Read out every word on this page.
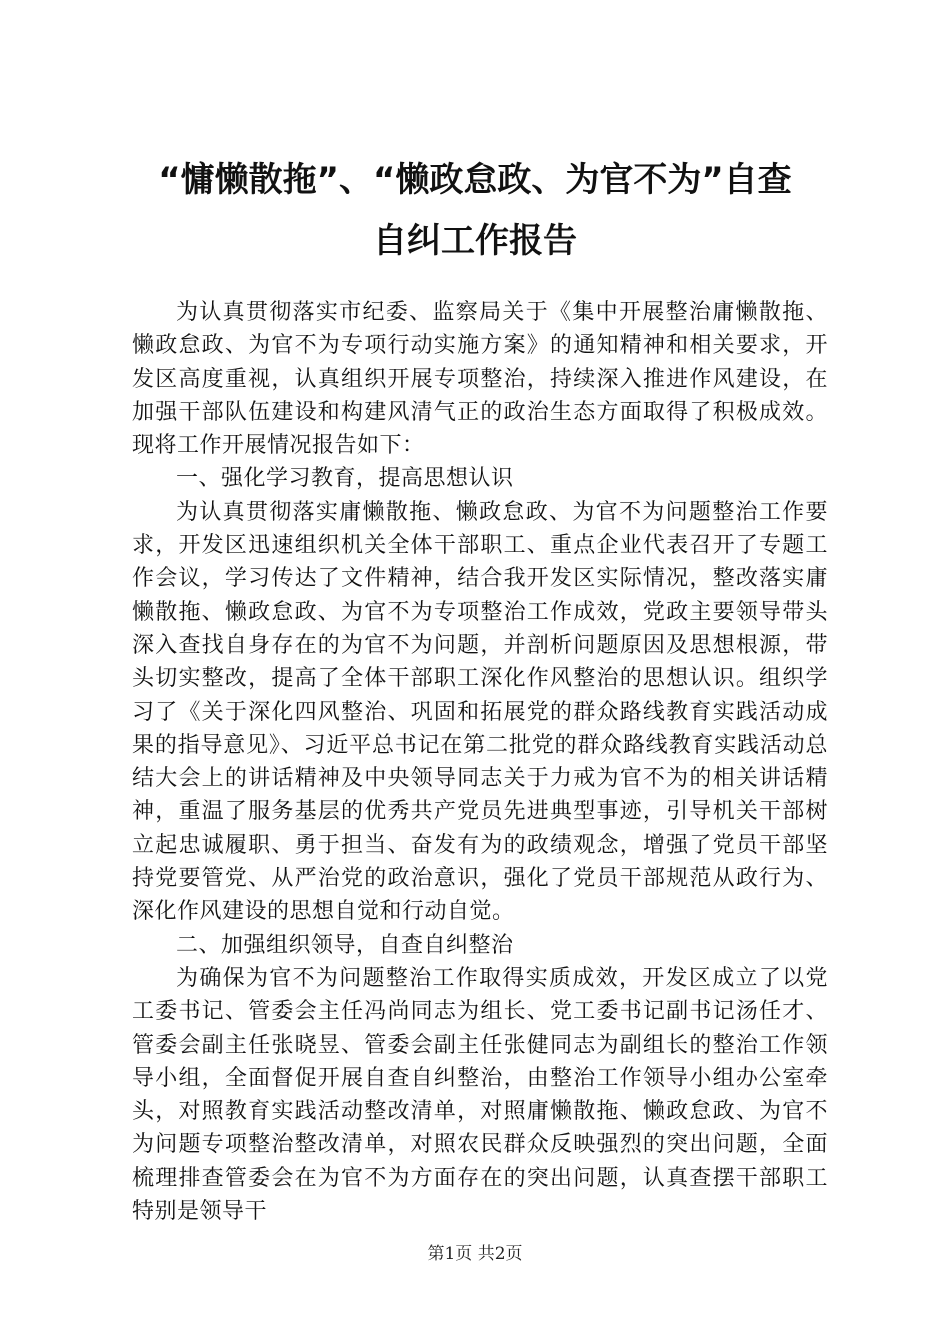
“慵懒散拖”、“懒政怠政、为官不为”自查
自纠工作报告

为认真贯彻落实市纪委、监察局关于《集中开展整治庸懒散拖、懒政怠政、为官不为专项行动实施方案》的通知精神和相关要求，开发区高度重视，认真组织开展专项整治，持续深入推进作风建设，在加强干部队伍建设和构建风清气正的政治生态方面取得了积极成效。现将工作开展情况报告如下：

一、强化学习教育，提高思想认识

为认真贯彻落实庸懒散拖、懒政怠政、为官不为问题整治工作要求，开发区迅速组织机关全体干部职工、重点企业代表召开了专题工作会议，学习传达了文件精神，结合我开发区实际情况，整改落实庸懒散拖、懒政怠政、为官不为专项整治工作成效，党政主要领导带头深入查找自身存在的为官不为问题，并剖析问题原因及思想根源，带头切实整改，提高了全体干部职工深化作风整治的思想认识。组织学习了《关于深化四风整治、巩固和拓展党的群众路线教育实践活动成果的指导意见》、习近平总书记在第二批党的群众路线教育实践活动总结大会上的讲话精神及中央领导同志关于力戒为官不为的相关讲话精神，重温了服务基层的优秀共产党员先进典型事迹，引导机关干部树立起忠诚履职、勇于担当、奋发有为的政绩观念，增强了党员干部坚持党要管党、从严治党的政治意识，强化了党员干部规范从政行为、深化作风建设的思想自觉和行动自觉。

二、加强组织领导，自查自纠整治

为确保为官不为问题整治工作取得实质成效，开发区成立了以党工委书记、管委会主任冯尚同志为组长、党工委书记副书记汤任才、管委会副主任张晓昱、管委会副主任张健同志为副组长的整治工作领导小组，全面督促开展自查自纠整治，由整治工作领导小组办公室牵头，对照教育实践活动整改清单，对照庸懒散拖、懒政怠政、为官不为问题专项整治整改清单，对照农民群众反映强烈的突出问题，全面梳理排查管委会在为官不为方面存在的突出问题，认真查摆干部职工特别是领导干

第1页 共2页
